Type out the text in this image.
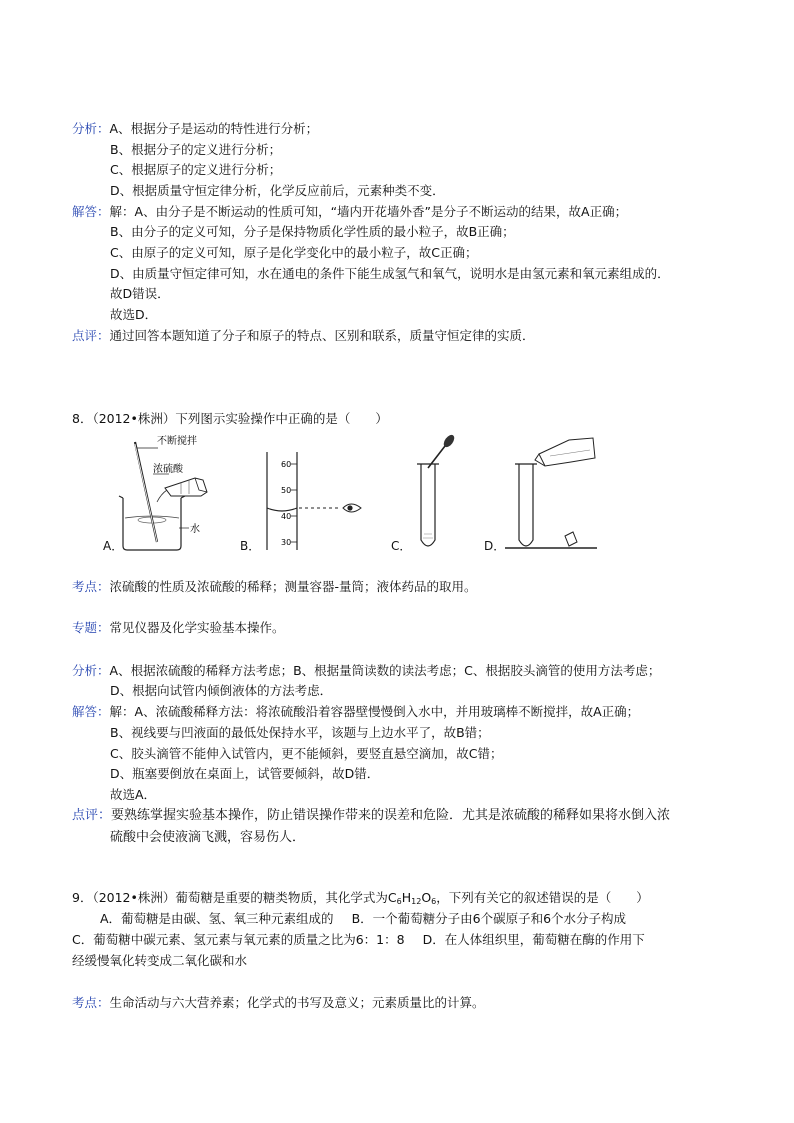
分析：A、根据分子是运动的特性进行分析；
B、根据分子的定义进行分析；
C、根据原子的定义进行分析；
D、根据质量守恒定律分析，化学反应前后，元素种类不变．
解答：解：A、由分子是不断运动的性质可知，“墙内开花墙外香”是分子不断运动的结果，故A正确；
B、由分子的定义可知，分子是保持物质化学性质的最小粒子，故B正确；
C、由原子的定义可知，原子是化学变化中的最小粒子，故C正确；
D、由质量守恒定律可知，水在通电的条件下能生成氢气和氧气，说明水是由氢元素和氧元素组成的．
故D错误．
故选D．
点评：通过回答本题知道了分子和原子的特点、区别和联系，质量守恒定律的实质．
8．（2012•株洲）下列图示实验操作中正确的是（　　）
不断搅拌
浓硫酸
水
60
50
40
30
A．	B．	C．	D．
考点：浓硫酸的性质及浓硫酸的稀释；测量容器-量筒；液体药品的取用。
专题：常见仪器及化学实验基本操作。
分析：A、根据浓硫酸的稀释方法考虑；B、根据量筒读数的读法考虑；C、根据胶头滴管的使用方法考虑；
D、根据向试管内倾倒液体的方法考虑．
解答：解：A、浓硫酸稀释方法：将浓硫酸沿着容器壁慢慢倒入水中，并用玻璃棒不断搅拌，故A正确；
B、视线要与凹液面的最低处保持水平，该题与上边水平了，故B错；
C、胶头滴管不能伸入试管内，更不能倾斜，要竖直悬空滴加，故C错；
D、瓶塞要倒放在桌面上，试管要倾斜，故D错．
故选A．
点评：要熟练掌握实验基本操作，防止错误操作带来的误差和危险．尤其是浓硫酸的稀释如果将水倒入浓
硫酸中会使液滴飞溅，容易伤人．
9．（2012•株洲）葡萄糖是重要的糖类物质，其化学式为$C_6H_{12}O_6$，下列有关它的叙述错误的是（　　）
A．葡萄糖是由碳、氢、氧三种元素组成的 B．一个葡萄糖分子由6个碳原子和6个水分子构成
C．葡萄糖中碳元素、氢元素与氧元素的质量之比为6：1：8 D．在人体组织里，葡萄糖在酶的作用下
经缓慢氧化转变成二氧化碳和水
考点：生命活动与六大营养素；化学式的书写及意义；元素质量比的计算。
